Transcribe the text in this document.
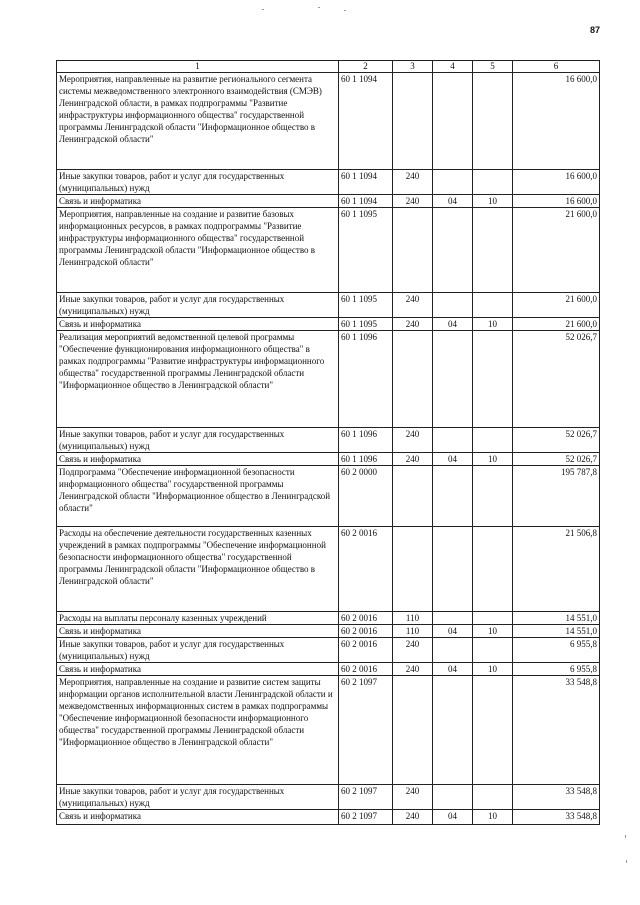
87
1	2	3	4	5	6
Мероприятия, направленные на развитие регионального сегмента системы межведомственного электронного взаимодействия (СМЭВ) Ленинградской области, в рамках подпрограммы "Развитие инфраструктуры информационного общества" государственной программы Ленинградской области "Информационное общество в Ленинградской области"	60 1 1094				16 600,0
Иные закупки товаров, работ и услуг для государственных (муниципальных) нужд	60 1 1094	240			16 600,0
Связь и информатика	60 1 1094	240	04	10	16 600,0
Мероприятия, направленные на создание и развитие базовых информационных ресурсов, в рамках подпрограммы "Развитие инфраструктуры информационного общества" государственной программы Ленинградской области "Информационное общество в Ленинградской области"	60 1 1095				21 600,0
Иные закупки товаров, работ и услуг для государственных (муниципальных) нужд	60 1 1095	240			21 600,0
Связь и информатика	60 1 1095	240	04	10	21 600,0
Реализация мероприятий ведомственной целевой программы "Обеспечение функционирования информационного общества" в рамках подпрограммы "Развитие инфраструктуры информационного общества" государственной программы Ленинградской области "Информационное общество в Ленинградской области"	60 1 1096				52 026,7
Иные закупки товаров, работ и услуг для государственных (муниципальных) нужд	60 1 1096	240			52 026,7
Связь и информатика	60 1 1096	240	04	10	52 026,7
Подпрограмма "Обеспечение информационной безопасности информационного общества" государственной программы Ленинградской области "Информационное общество в Ленинградской области"	60 2 0000				195 787,8
Расходы на обеспечение деятельности государственных казенных учреждений в рамках подпрограммы "Обеспечение информационной безопасности информационного общества" государственной программы Ленинградской области "Информационное общество в Ленинградской области"	60 2 0016				21 506,8
Расходы на выплаты персоналу казенных учреждений	60 2 0016	110			14 551,0
Связь и информатика	60 2 0016	110	04	10	14 551,0
Иные закупки товаров, работ и услуг для государственных (муниципальных) нужд	60 2 0016	240			6 955,8
Связь и информатика	60 2 0016	240	04	10	6 955,8
Мероприятия, направленные на создание и развитие систем защиты информации органов исполнительной власти Ленинградской области и межведомственных информационных систем в рамках подпрограммы "Обеспечение информационной безопасности информационного общества" государственной программы Ленинградской области "Информационное общество в Ленинградской области"	60 2 1097				33 548,8
Иные закупки товаров, работ и услуг для государственных (муниципальных) нужд	60 2 1097	240			33 548,8
Связь и информатика	60 2 1097	240	04	10	33 548,8
